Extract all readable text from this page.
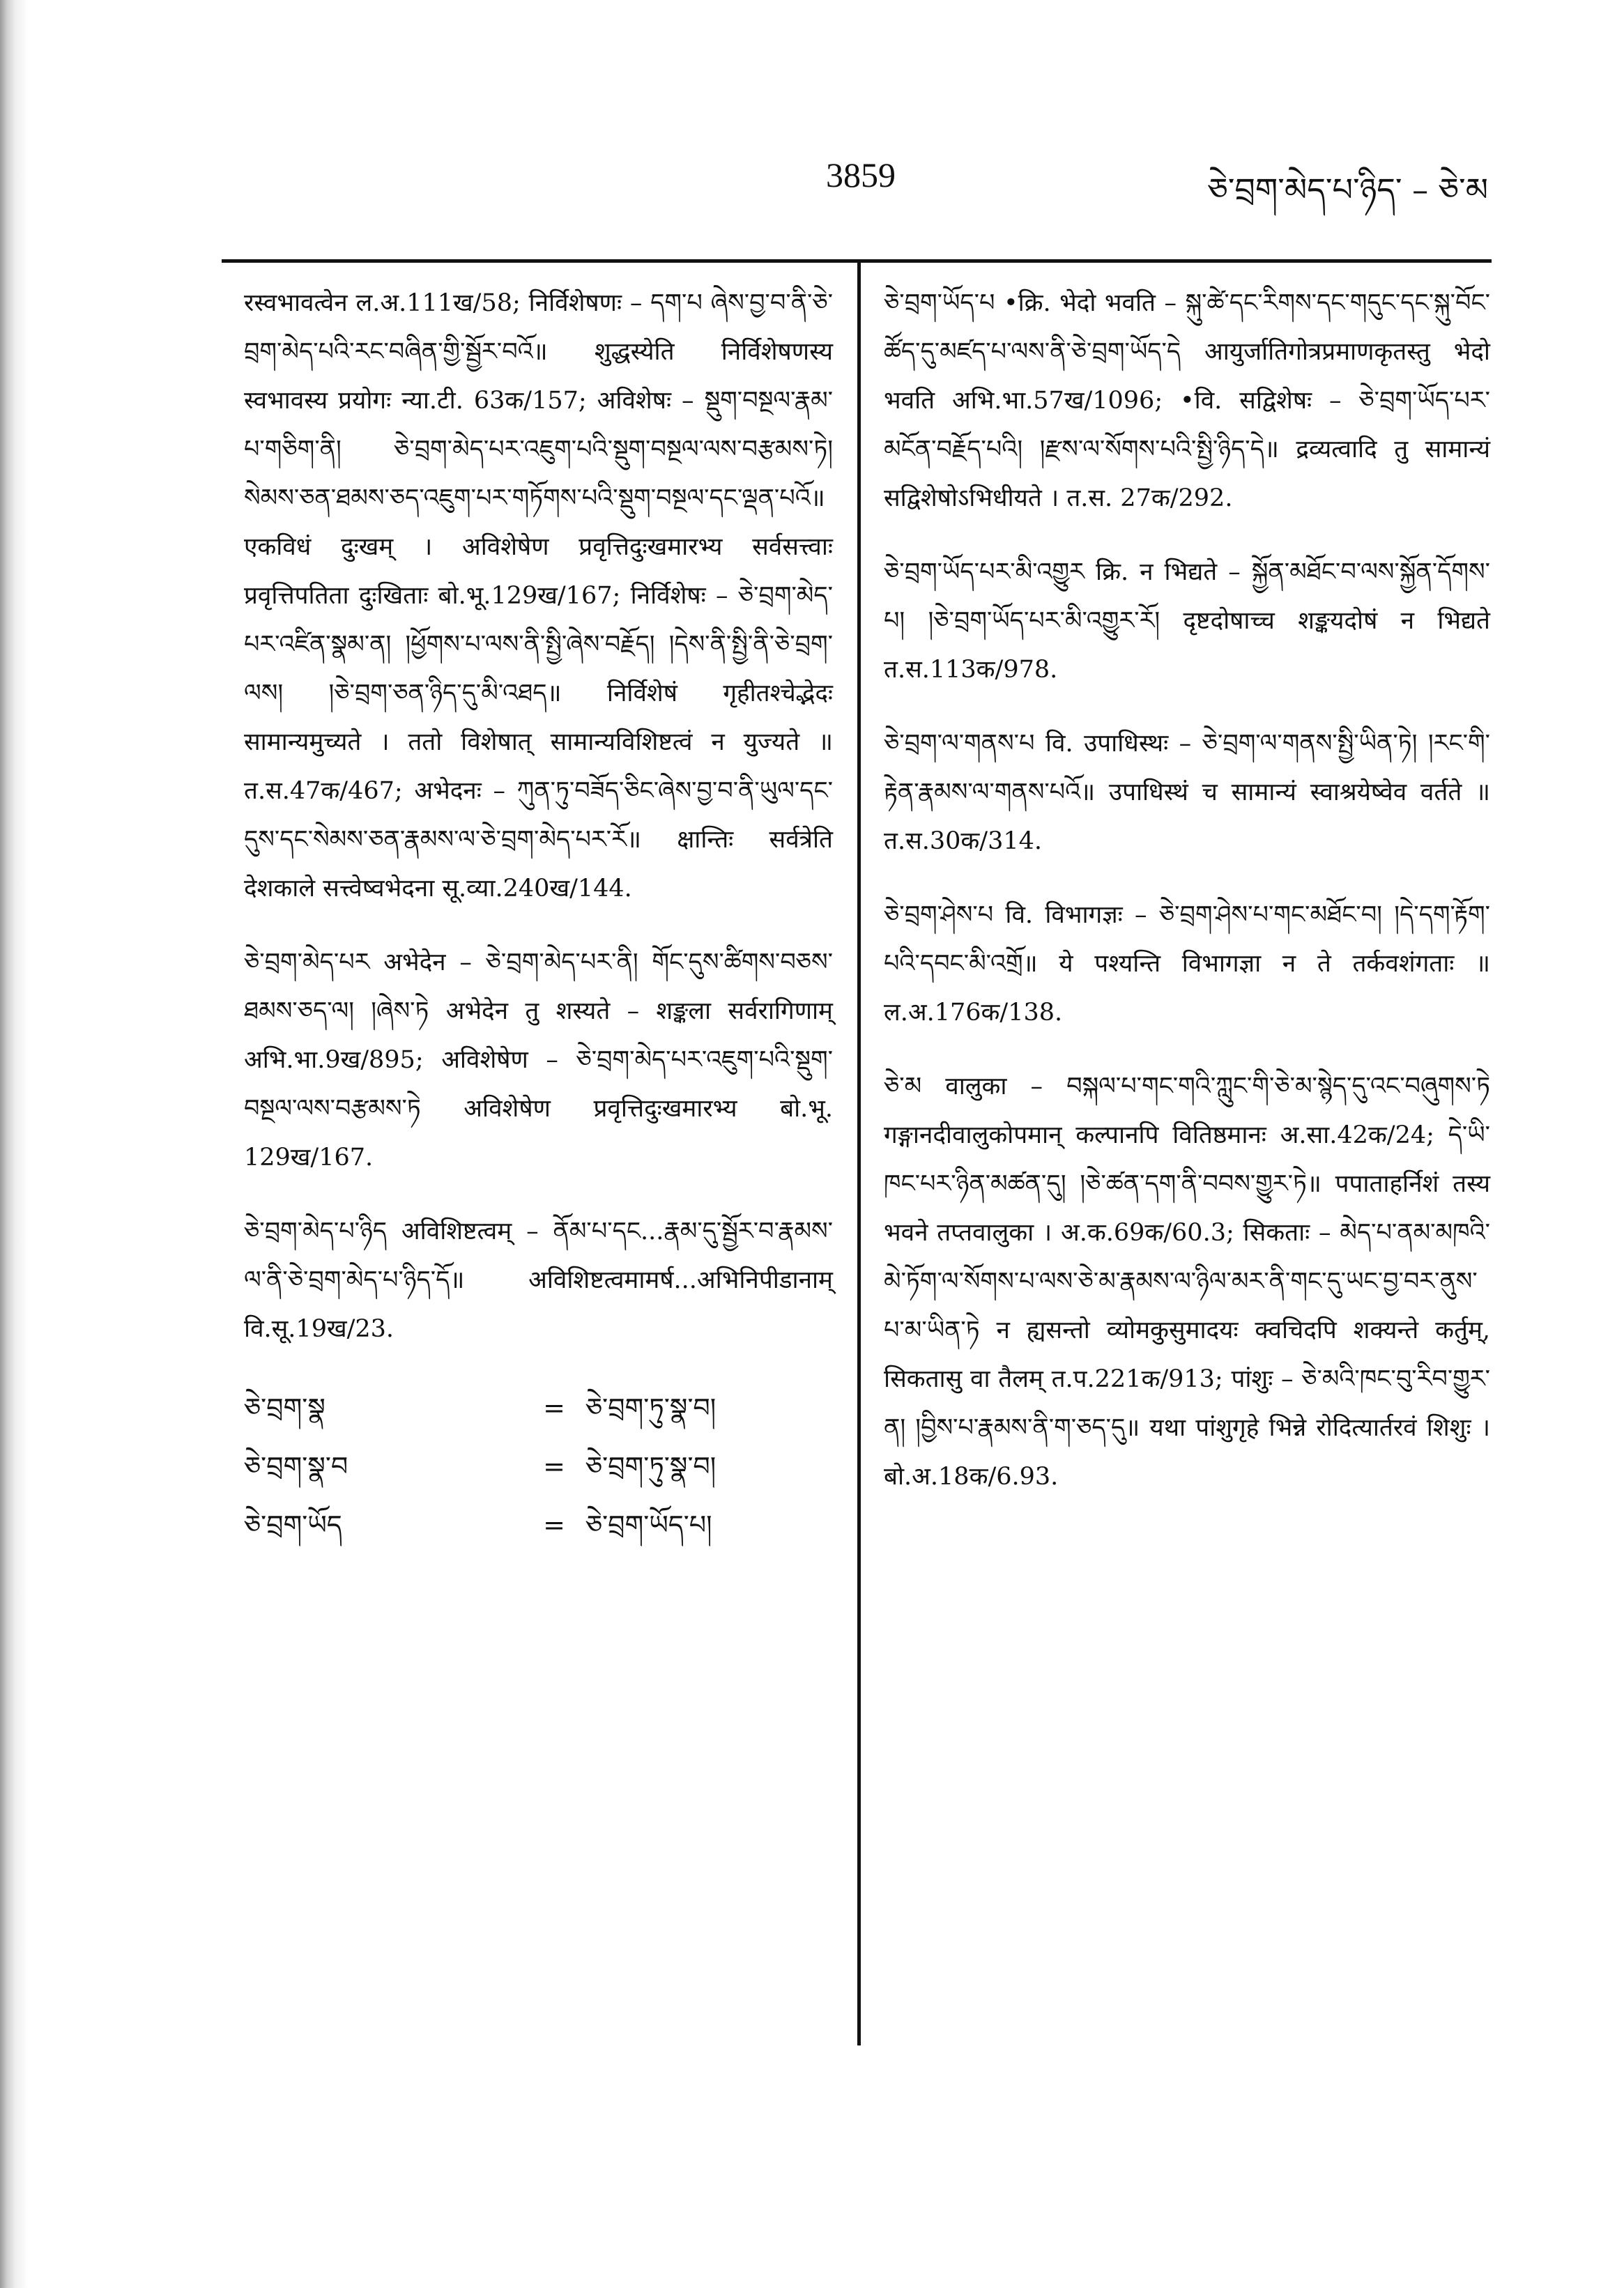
3859	ཅེ་བྲག་མེད་པ་ཉིད་ – ཅེ་མ

रस्वभावत्वेन ल.अ.111ख/58; निर्विशेषणः – དག་པ ཞེས་བྱ་བ་ནི་ཅེ་བྲག་མེད་པའི་རང་བཞིན་གྱི་སྦྱོར་བའོ॥ शुद्धस्येति निर्विशेषणस्य स्वभावस्य प्रयोगः न्या.टी. 63क/157; अविशेषः – སྡུག་བསྔལ་རྣམ་པ་གཅིག་ནི། ཅེ་བྲག་མེད་པར་འཇུག་པའི་སྡུག་བསྔལ་ལས་བརྩམས་ཏེ། སེམས་ཅན་ཐམས་ཅད་འཇུག་པར་གཏོགས་པའི་སྡུག་བསྔལ་དང་ལྡན་པའོ॥ एकविधं दुःखम् । अविशेषेण प्रवृत्तिदुःखमारभ्य सर्वसत्त्वाः प्रवृत्तिपतिता दुःखिताः बो.भू.129ख/167; निर्विशेषः – ཅེ་བྲག་མེད་པར་འཛིན་སྣམ་ན། །ཕྱོགས་པ་ལས་ནི་སྤྱི་ཞེས་བརྗོད། །དེས་ནི་སྤྱི་ནི་ཅེ་བྲག་ལས། །ཅེ་བྲག་ཅན་ཉིད་དུ་མི་འཐད॥ निर्विशेषं गृहीतश्चेद्भेदः सामान्यमुच्यते । ततो विशेषात् सामान्यविशिष्टत्वं न युज्यते ॥ त.स.47क/467; अभेदनः – ཀུན་ཏུ་བཟོད་ཅིང་ཞེས་བྱ་བ་ནི་ཡུལ་དང་དུས་དང་སེམས་ཅན་རྣམས་ལ་ཅེ་བྲག་མེད་པར་རོ॥ क्षान्तिः सर्वत्रेति देशकाले सत्त्वेष्वभेदना सू.व्या.240ख/144.

ཅེ་བྲག་མེད་པར अभेदेन – ཅེ་བྲག་མེད་པར་ནི། གོང་དུས་ཚིགས་བཅས་ཐམས་ཅད་ལ། །ཞེས་ཏེ अभेदेन तु शस्यते – शङ्कला सर्वरागिणाम् अभि.भा.9ख/895; अविशेषेण – ཅེ་བྲག་མེད་པར་འཇུག་པའི་སྡུག་བསྔལ་ལས་བརྩམས་ཏེ अविशेषेण प्रवृत्तिदुःखमारभ्य बो.भू. 129ख/167.

ཅེ་བྲག་མེད་པ་ཉིད अविशिष्टत्वम् – ནོམ་པ་དང...རྣམ་དུ་སྦྱོར་བ་རྣམས་ལ་ནི་ཅེ་བྲག་མེད་པ་ཉིད་དོ॥ अविशिष्टत्वमामर्ष...अभिनिपीडानाम् वि.सू.19ख/23.

ཅེ་བྲག་སྣ	= ཅེ་བྲག་ཏུ་སྣ་བ།
ཅེ་བྲག་སྣ་བ	= ཅེ་བྲག་ཏུ་སྣ་བ།
ཅེ་བྲག་ཡོད	= ཅེ་བྲག་ཡོད་པ།

ཅེ་བྲག་ཡོད་པ •क्रि. भेदो भवति – སྐུ་ཚེ་དང་རིགས་དང་གདུང་དང་སྐུ་བོང་ཚོད་དུ་མཛད་པ་ལས་ནི་ཅེ་བྲག་ཡོད་དེ आयुर्जातिगोत्रप्रमाणकृतस्तु भेदो भवति अभि.भा.57ख/1096; •वि. सद्विशेषः – ཅེ་བྲག་ཡོད་པར་མངོན་བརྗོད་པའི། །རྫས་ལ་སོགས་པའི་སྤྱི་ཉིད་དེ॥ द्रव्यत्वादि तु सामान्यं सद्विशेषोऽभिधीयते । त.स. 27क/292.

ཅེ་བྲག་ཡོད་པར་མི་འགྱུར क्रि. न भिद्यते – སྐྱོན་མཐོང་བ་ལས་སྐྱོན་དོགས་པ། །ཅེ་བྲག་ཡོད་པར་མི་འགྱུར་རོ། दृष्टदोषाच्च शङ्कयदोषं न भिद्यते त.स.113क/978.

ཅེ་བྲག་ལ་གནས་པ वि. उपाधिस्थः – ཅེ་བྲག་ལ་གནས་སྤྱི་ཡིན་ཏེ། །རང་གི་རྟེན་རྣམས་ལ་གནས་པའོ॥ उपाधिस्थं च सामान्यं स्वाश्रयेष्वेव वर्तते ॥ त.स.30क/314.

ཅེ་བྲག་ཤེས་པ वि. विभागज्ञः – ཅེ་བྲག་ཤེས་པ་གང་མཐོང་བ། །དེ་དག་རྟོག་པའི་དབང་མི་འགྲོ॥ ये पश्यन्ति विभागज्ञा न ते तर्कवशंगताः ॥ ल.अ.176क/138.

ཅེ་མ वालुका – བསྐལ་པ་གང་གའི་ཀླུང་གི་ཅེ་མ་སྙེད་དུ་འང་བཞུགས་ཏེ गङ्गानदीवालुकोपमान् कल्पानपि वितिष्ठमानः अ.सा.42क/24; དེ་ཡི་ཁང་པར་ཉིན་མཚན་དུ། །ཅེ་ཚན་དག་ནི་བབས་གྱུར་ཏེ॥ पपाताहर्निशं तस्य भवने तप्तवालुका । अ.क.69क/60.3; सिकताः – མེད་པ་ནམ་མཁའི་མེ་ཏོག་ལ་སོགས་པ་ལས་ཅེ་མ་རྣམས་ལ་ཉིལ་མར་ནི་གང་དུ་ཡང་བྱ་བར་ནུས་པ་མ་ཡིན་ཏེ न ह्यसन्तो व्योमकुसुमादयः क्वचिदपि शक्यन्ते कर्तुम्, सिकतासु वा तैलम् त.प.221क/913; पांशुः – ཅེ་མའི་ཁང་བུ་རིབ་གྱུར་ན། །བྱིས་པ་རྣམས་ནི་ག་ཅད་དུ॥ यथा पांशुगृहे भिन्ने रोदित्यार्तरवं शिशुः । बो.अ.18क/6.93.
